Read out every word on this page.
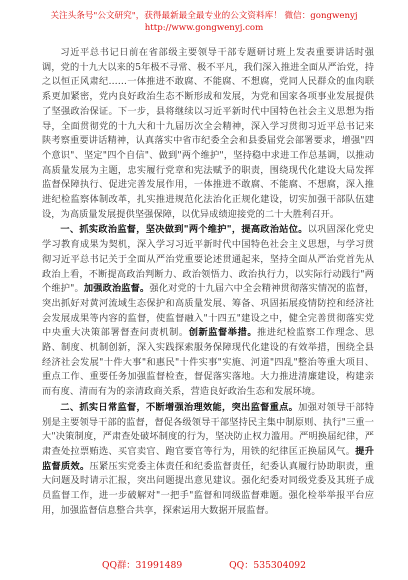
关注头条号"公文研究"，获得最新最全最专业的公文资料库！ 微信：gongwenyj
http://www.gongwenyj.com

习近平总书记日前在省部级主要领导干部专题研讨班上发表重要讲话时强调，党的十九大以来的5年极不寻常、极不平凡，我们深入推进全面从严治党，持之以恒正风肃纪……一体推进不敢腐、不能腐、不想腐，党同人民群众的血肉联系更加紧密，党内良好政治生态不断形成和发展，为党和国家各项事业发展提供了坚强政治保证。下一步，县将继续以习近平新时代中国特色社会主义思想为指导，全面贯彻党的十九大和十九届历次全会精神，深入学习贯彻习近平总书记来陕考察重要讲话精神，认真落实中省市纪委全会和县委届党会部署要求，增强"四个意识"、坚定"四个自信"、做到"两个维护"，坚持稳中求进工作总基调，以推动高质量发展为主题，忠实履行党章和宪法赋予的职责，围绕现代化建设大局发挥监督保障执行、促进完善发展作用，一体推进不敢腐、不能腐、不想腐，深入推进纪检监察体制改革，扎实推进规范化法治化正规化建设，切实加强干部队伍建设，为高质量发展提供坚强保障，以优异成绩迎接党的二十大胜利召开。

一、抓实政治监督，坚决做到"两个维护"，提高政治站位。以巩固深化党史学习教育成果为契机，深入学习习近平新时代中国特色社会主义思想，与学习贯彻习近平总书记关于全面从严治党重要论述贯通起来，坚持全面从严治党首先从政治上看，不断提高政治判断力、政治领悟力、政治执行力，以实际行动践行"两个维护"。加强政治监督。强化对党的十九届六中全会精神贯彻落实情况的监督，突出抓好对黄河流域生态保护和高质量发展、筹备、巩固拓展疫情防控和经济社会发展成果等内容的监督，使监督融入"十四五"建设之中，健全完善贯彻落实党中央重大决策部署督查问责机制。创新监督举措。推进纪检监察工作理念、思路、制度、机制创新，深入实践探索服务保障现代化建设的有效举措，围绕全县经济社会发展"十件大事"和惠民"十件实事"实施、河道"四乱"整治等重大项目、重点工作、重要任务加强监督检查，督促落实落地。大力推进清廉建设，构建亲而有度、清而有为的亲清政商关系，营造良好政治生态和发展环境。

二、抓实日常监督，不断增强治理效能，突出监督重点。加强对领导干部特别是主要领导干部的监督，督促各级领导干部坚持民主集中制原则、执行"三重一大"决策制度，严肃查处破坏制度的行为，坚决防止权力滥用。严明换届纪律，严肃查处拉票贿选、买官卖官、跑官要官等行为，用铁的纪律匡正换届风气。提升监督质效。压紧压实党委主体责任和纪委监督责任，纪委认真履行协助职责，重大问题及时请示汇报，突出问题提出意见建议。强化纪委对同级党委及其班子成员监督工作，进一步破解对"一把手"监督和同级监督难题。强化检举举报平台应用，加强监督信息整合共享，探索运用大数据开展监督。

QQ群：31991489	QQ：535304092
